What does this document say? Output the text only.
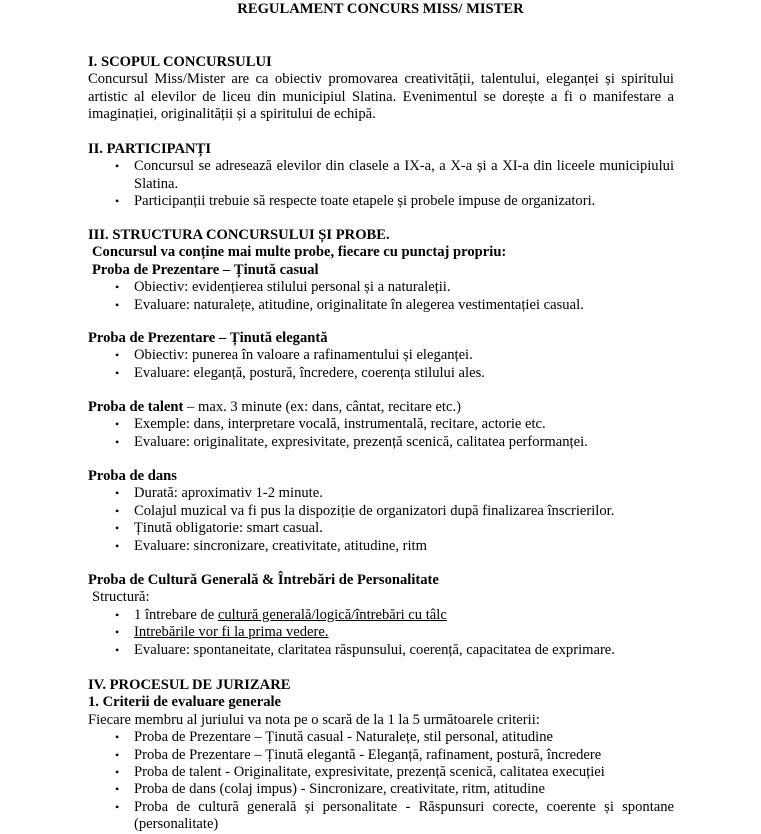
REGULAMENT CONCURS MISS/ MISTER
I. SCOPUL CONCURSULUI
Concursul Miss/Mister are ca obiectiv promovarea creativității, talentului, eleganței și spiritului artistic al elevilor de liceu din municipiul Slatina. Evenimentul se dorește a fi o manifestare a imaginației, originalității și a spiritului de echipă.
II. PARTICIPANȚI
• Concursul se adresează elevilor din clasele a IX-a, a X-a și a XI-a din liceele municipiului Slatina.
• Participanții trebuie să respecte toate etapele și probele impuse de organizatori.
III. STRUCTURA CONCURSULUI ȘI PROBE.
Concursul va conține mai multe probe, fiecare cu punctaj propriu:
Proba de Prezentare – Ținută casual
• Obiectiv: evidențierea stilului personal și a naturaleții.
• Evaluare: naturalețe, atitudine, originalitate în alegerea vestimentației casual.
Proba de Prezentare – Ținută elegantă
• Obiectiv: punerea în valoare a rafinamentului și eleganței.
• Evaluare: eleganță, postură, încredere, coerența stilului ales.
Proba de talent – max. 3 minute (ex: dans, cântat, recitare etc.)
• Exemple: dans, interpretare vocală, instrumentală, recitare, actorie etc.
• Evaluare: originalitate, expresivitate, prezență scenică, calitatea performanței.
Proba de dans
• Durată: aproximativ 1-2 minute.
• Colajul muzical va fi pus la dispoziție de organizatori după finalizarea înscrierilor.
• Ținută obligatorie: smart casual.
• Evaluare: sincronizare, creativitate, atitudine, ritm
Proba de Cultură Generală & Întrebări de Personalitate
Structură:
• 1 întrebare de cultură generală/logică/întrebări cu tâlc
• Intrebările vor fi la prima vedere.
• Evaluare: spontaneitate, claritatea răspunsului, coerență, capacitatea de exprimare.
IV. PROCESUL DE JURIZARE
1. Criterii de evaluare generale
Fiecare membru al juriului va nota pe o scară de la 1 la 5 următoarele criterii:
• Proba de Prezentare – Ținută casual - Naturalețe, stil personal, atitudine
• Proba de Prezentare – Ținută elegantă - Eleganță, rafinament, postură, încredere
• Proba de talent - Originalitate, expresivitate, prezență scenică, calitatea execuției
• Proba de dans (colaj impus) - Sincronizare, creativitate, ritm, atitudine
• Proba de cultură generală și personalitate - Răspunsuri corecte, coerente și spontane (personalitate)
